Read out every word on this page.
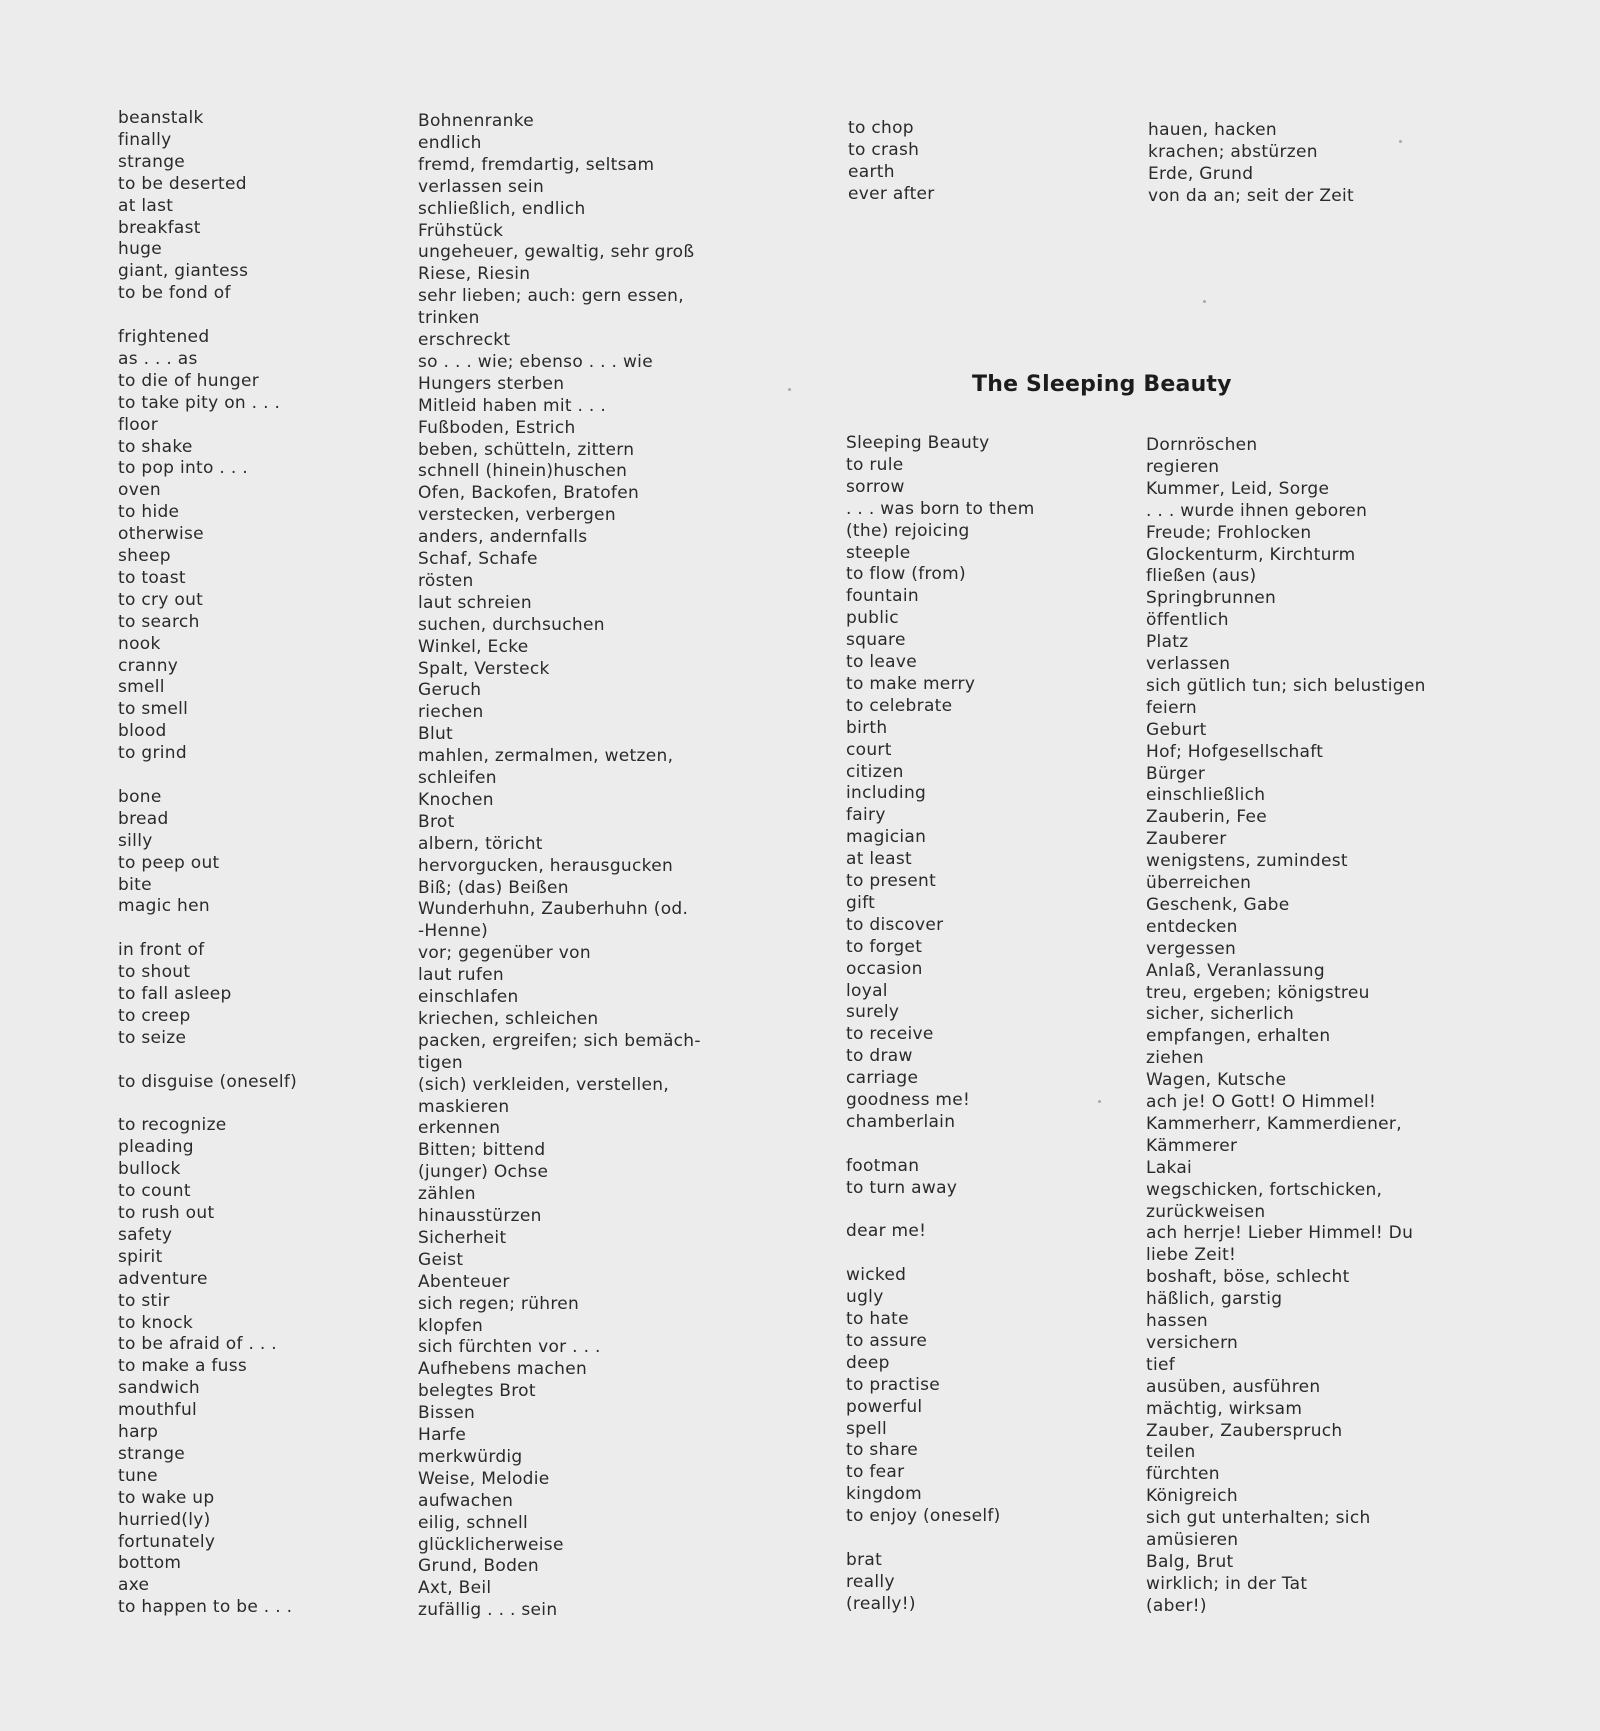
beanstalk
finally
strange
to be deserted
at last
breakfast
huge
giant, giantess
to be fond of
frightened
as . . . as
to die of hunger
to take pity on . . .
floor
to shake
to pop into . . .
oven
to hide
otherwise
sheep
to toast
to cry out
to search
nook
cranny
smell
to smell
blood
to grind
bone
bread
silly
to peep out
bite
magic hen
in front of
to shout
to fall asleep
to creep
to seize
to disguise (oneself)
to recognize
pleading
bullock
to count
to rush out
safety
spirit
adventure
to stir
to knock
to be afraid of . . .
to make a fuss
sandwich
mouthful
harp
strange
tune
to wake up
hurried(ly)
fortunately
bottom
axe
to happen to be . . .
Bohnenranke
endlich
fremd, fremdartig, seltsam
verlassen sein
schließlich, endlich
Frühstück
ungeheuer, gewaltig, sehr groß
Riese, Riesin
sehr lieben; auch: gern essen,
trinken
erschreckt
so . . . wie; ebenso . . . wie
Hungers sterben
Mitleid haben mit . . .
Fußboden, Estrich
beben, schütteln, zittern
schnell (hinein)huschen
Ofen, Backofen, Bratofen
verstecken, verbergen
anders, andernfalls
Schaf, Schafe
rösten
laut schreien
suchen, durchsuchen
Winkel, Ecke
Spalt, Versteck
Geruch
riechen
Blut
mahlen, zermalmen, wetzen,
schleifen
Knochen
Brot
albern, töricht
hervorgucken, herausgucken
Biß; (das) Beißen
Wunderhuhn, Zauberhuhn (od.
-Henne)
vor; gegenüber von
laut rufen
einschlafen
kriechen, schleichen
packen, ergreifen; sich bemäch-
tigen
(sich) verkleiden, verstellen,
maskieren
erkennen
Bitten; bittend
(junger) Ochse
zählen
hinausstürzen
Sicherheit
Geist
Abenteuer
sich regen; rühren
klopfen
sich fürchten vor . . .
Aufhebens machen
belegtes Brot
Bissen
Harfe
merkwürdig
Weise, Melodie
aufwachen
eilig, schnell
glücklicherweise
Grund, Boden
Axt, Beil
zufällig . . . sein
to chop
to crash
earth
ever after
hauen, hacken
krachen; abstürzen
Erde, Grund
von da an; seit der Zeit
The Sleeping Beauty
Sleeping Beauty
to rule
sorrow
. . . was born to them
(the) rejoicing
steeple
to flow (from)
fountain
public
square
to leave
to make merry
to celebrate
birth
court
citizen
including
fairy
magician
at least
to present
gift
to discover
to forget
occasion
loyal
surely
to receive
to draw
carriage
goodness me!
chamberlain
footman
to turn away
dear me!
wicked
ugly
to hate
to assure
deep
to practise
powerful
spell
to share
to fear
kingdom
to enjoy (oneself)
brat
really
(really!)
Dornröschen
regieren
Kummer, Leid, Sorge
. . . wurde ihnen geboren
Freude; Frohlocken
Glockenturm, Kirchturm
fließen (aus)
Springbrunnen
öffentlich
Platz
verlassen
sich gütlich tun; sich belustigen
feiern
Geburt
Hof; Hofgesellschaft
Bürger
einschließlich
Zauberin, Fee
Zauberer
wenigstens, zumindest
überreichen
Geschenk, Gabe
entdecken
vergessen
Anlaß, Veranlassung
treu, ergeben; königstreu
sicher, sicherlich
empfangen, erhalten
ziehen
Wagen, Kutsche
ach je! O Gott! O Himmel!
Kammerherr, Kammerdiener,
Kämmerer
Lakai
wegschicken, fortschicken,
zurückweisen
ach herrje! Lieber Himmel! Du
liebe Zeit!
boshaft, böse, schlecht
häßlich, garstig
hassen
versichern
tief
ausüben, ausführen
mächtig, wirksam
Zauber, Zauberspruch
teilen
fürchten
Königreich
sich gut unterhalten; sich
amüsieren
Balg, Brut
wirklich; in der Tat
(aber!)
